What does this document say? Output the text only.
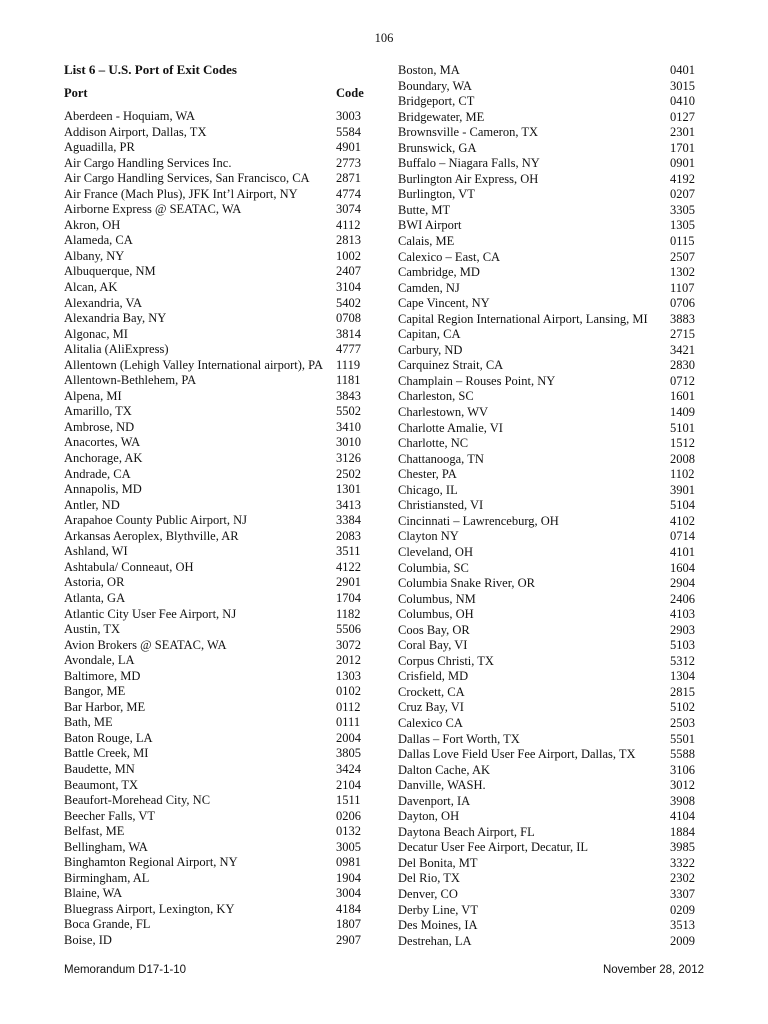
106
List 6 – U.S. Port of Exit Codes
Port	Code
Aberdeen - Hoquiam, WA	3003
Addison Airport, Dallas, TX	5584
Aguadilla, PR	4901
Air Cargo Handling Services Inc.	2773
Air Cargo Handling Services, San Francisco, CA 2871
Air France (Mach Plus), JFK Int’l Airport, NY	4774
Airborne Express @ SEATAC, WA	3074
Akron, OH	4112
Alameda, CA	2813
Albany, NY	1002
Albuquerque, NM	2407
Alcan, AK	3104
Alexandria, VA	5402
Alexandria Bay, NY	0708
Algonac, MI	3814
Alitalia (AliExpress)	4777
Allentown (Lehigh Valley International airport), PA 1119
Allentown-Bethlehem, PA	1181
Alpena, MI	3843
Amarillo, TX	5502
Ambrose, ND	3410
Anacortes, WA	3010
Anchorage, AK	3126
Andrade, CA	2502
Annapolis, MD	1301
Antler, ND	3413
Arapahoe County Public Airport, NJ	3384
Arkansas Aeroplex, Blythville, AR	2083
Ashland, WI	3511
Ashtabula/ Conneaut, OH	4122
Astoria, OR	2901
Atlanta, GA	1704
Atlantic City User Fee Airport, NJ	1182
Austin, TX	5506
Avion Brokers @ SEATAC, WA	3072
Avondale, LA	2012
Baltimore, MD	1303
Bangor, ME	0102
Bar Harbor, ME	0112
Bath, ME	0111
Baton Rouge, LA	2004
Battle Creek, MI	3805
Baudette, MN	3424
Beaumont, TX	2104
Beaufort-Morehead City, NC	1511
Beecher Falls, VT	0206
Belfast, ME	0132
Bellingham, WA	3005
Binghamton Regional Airport, NY	0981
Birmingham, AL	1904
Blaine, WA	3004
Bluegrass Airport, Lexington, KY	4184
Boca Grande, FL	1807
Boise, ID	2907
Boston, MA	0401
Boundary, WA	3015
Bridgeport, CT	0410
Bridgewater, ME	0127
Brownsville - Cameron, TX	2301
Brunswick, GA	1701
Buffalo – Niagara Falls, NY	0901
Burlington Air Express, OH	4192
Burlington, VT	0207
Butte, MT	3305
BWI Airport	1305
Calais, ME	0115
Calexico – East, CA	2507
Cambridge, MD	1302
Camden, NJ	1107
Cape Vincent, NY	0706
Capital Region International Airport, Lansing, MI 3883
Capitan, CA	2715
Carbury, ND	3421
Carquinez Strait, CA	2830
Champlain – Rouses Point, NY	0712
Charleston, SC	1601
Charlestown, WV	1409
Charlotte Amalie, VI	5101
Charlotte, NC	1512
Chattanooga, TN	2008
Chester, PA	1102
Chicago, IL	3901
Christiansted, VI	5104
Cincinnati – Lawrenceburg, OH	4102
Clayton NY	0714
Cleveland, OH	4101
Columbia, SC	1604
Columbia Snake River, OR	2904
Columbus, NM	2406
Columbus, OH	4103
Coos Bay, OR	2903
Coral Bay, VI	5103
Corpus Christi, TX	5312
Crisfield, MD	1304
Crockett, CA	2815
Cruz Bay, VI	5102
Calexico CA	2503
Dallas – Fort Worth, TX	5501
Dallas Love Field User Fee Airport, Dallas, TX	5588
Dalton Cache, AK	3106
Danville, WASH.	3012
Davenport, IA	3908
Dayton, OH	4104
Daytona Beach Airport, FL	1884
Decatur User Fee Airport, Decatur, IL	3985
Del Bonita, MT	3322
Del Rio, TX	2302
Denver, CO	3307
Derby Line, VT	0209
Des Moines, IA	3513
Destrehan, LA	2009
Memorandum D17-1-10	November 28, 2012
